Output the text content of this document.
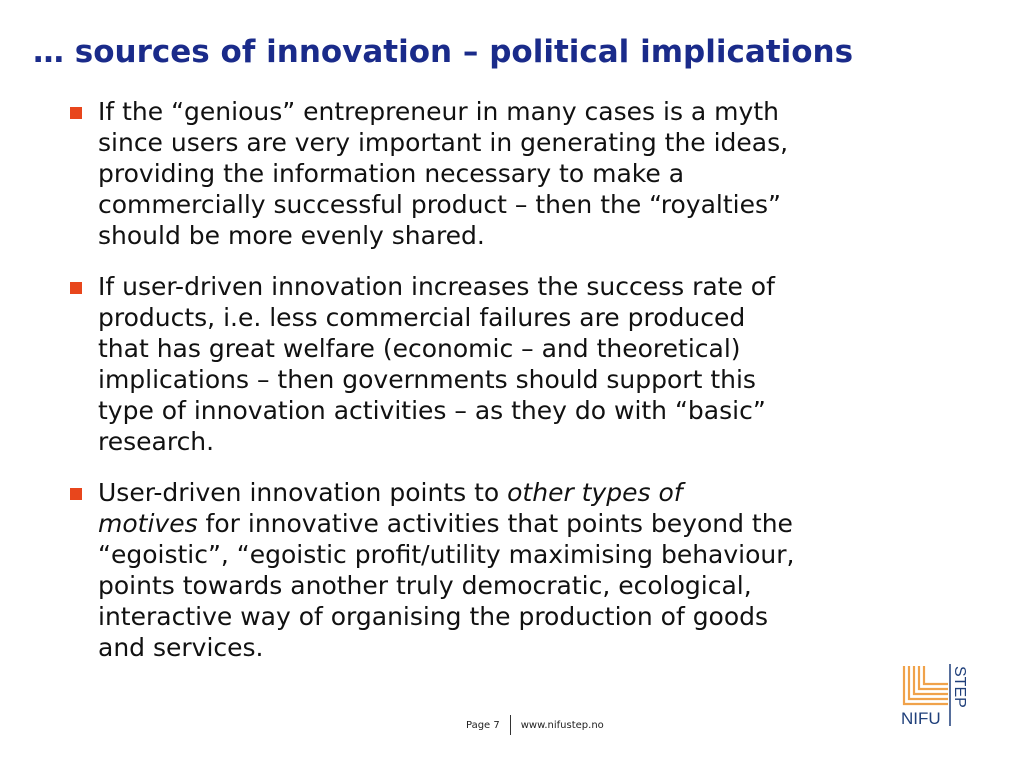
… sources of innovation – political implications
If the “genious” entrepreneur in many cases is a myth
since users are very important in generating the ideas,
providing the information necessary to make a
commercially successful product – then the “royalties”
should be more evenly shared.
If user-driven innovation increases the success rate of
products, i.e. less commercial failures are produced
that has great welfare (economic – and theoretical)
implications – then governments should support this
type of innovation activities – as they do with “basic”
research.
User-driven innovation points to other types of
motives for innovative activities that points beyond the
“egoistic”, “egoistic profit/utility maximising behaviour,
points towards another truly democratic, ecological,
interactive way of organising the production of goods
and services.
Page 7 www.nifustep.no	NIFU
STEP
